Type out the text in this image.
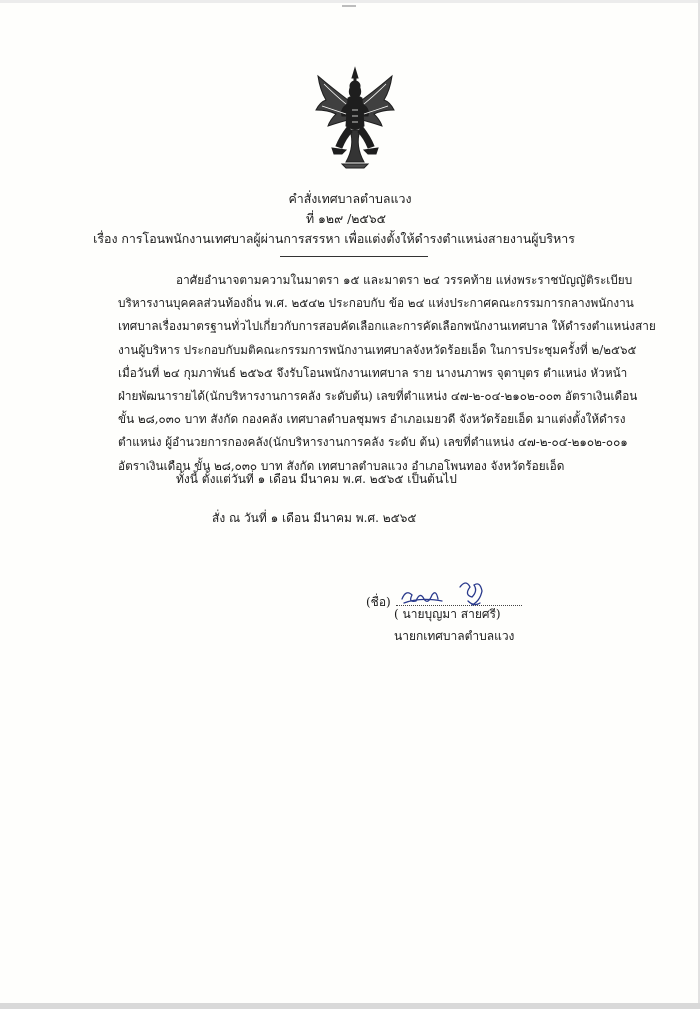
คำสั่งเทศบาลตำบลแวง
ที่ ๑๒๙ /๒๕๖๕
เรื่อง การโอนพนักงานเทศบาลผู้ผ่านการสรรหา เพื่อแต่งตั้งให้ดำรงตำแหน่งสายงานผู้บริหาร
อาศัยอำนาจตามความในมาตรา ๑๕ และมาตรา ๒๔ วรรคท้าย แห่งพระราชบัญญัติระเบียบ
บริหารงานบุคคลส่วนท้องถิ่น พ.ศ. ๒๕๔๒ ประกอบกับ ข้อ ๒๔ แห่งประกาศคณะกรรมการกลางพนักงาน
เทศบาลเรื่องมาตรฐานทั่วไปเกี่ยวกับการสอบคัดเลือกและการคัดเลือกพนักงานเทศบาล ให้ดำรงตำแหน่งสาย
งานผู้บริหาร ประกอบกับมติคณะกรรมการพนักงานเทศบาลจังหวัดร้อยเอ็ด ในการประชุมครั้งที่ ๒/๒๕๖๕
เมื่อวันที่ ๒๔ กุมภาพันธ์ ๒๕๖๕ จึงรับโอนพนักงานเทศบาล ราย นางนภาพร จุตาบุตร ตำแหน่ง หัวหน้า
ฝ่ายพัฒนารายได้(นักบริหารงานการคลัง ระดับต้น) เลขที่ตำแหน่ง ๔๗-๒-๐๔-๒๑๐๒-๐๐๓ อัตราเงินเดือน
ขั้น ๒๘,๐๓๐ บาท สังกัด กองคลัง เทศบาลตำบลชุมพร อำเภอเมยวดี จังหวัดร้อยเอ็ด มาแต่งตั้งให้ดำรง
ตำแหน่ง ผู้อำนวยการกองคลัง(นักบริหารงานการคลัง ระดับ ต้น) เลขที่ตำแหน่ง ๔๗-๒-๐๔-๒๑๐๒-๐๐๑
อัตราเงินเดือน ขั้น ๒๘,๐๓๐ บาท สังกัด เทศบาลตำบลแวง อำเภอโพนทอง จังหวัดร้อยเอ็ด
ทั้งนี้ ตั้งแต่วันที่ ๑ เดือน มีนาคม พ.ศ. ๒๕๖๕ เป็นต้นไป
สั่ง ณ วันที่ ๑ เดือน มีนาคม พ.ศ. ๒๕๖๕
(ชื่อ)
( นายบุญมา สายศรี)
นายกเทศบาลตำบลแวง
